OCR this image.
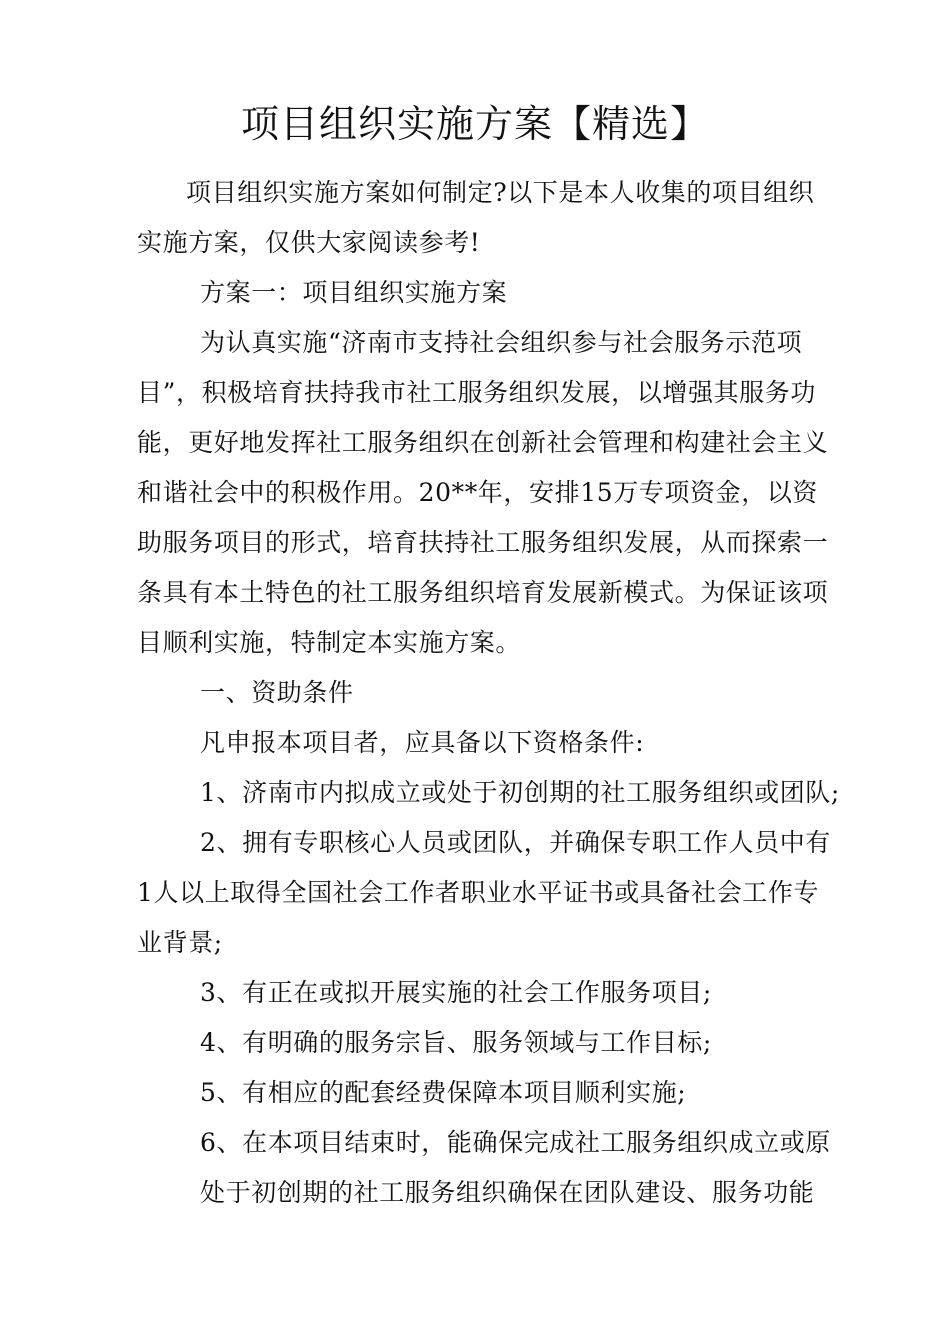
项目组织实施方案【精选】
项目组织实施方案如何制定?以下是本人收集的项目组织
实施方案，仅供大家阅读参考!
方案一：项目组织实施方案
为认真实施“济南市支持社会组织参与社会服务示范项
目”，积极培育扶持我市社工服务组织发展，以增强其服务功
能，更好地发挥社工服务组织在创新社会管理和构建社会主义
和谐社会中的积极作用。20**年，安排15万专项资金，以资
助服务项目的形式，培育扶持社工服务组织发展，从而探索一
条具有本土特色的社工服务组织培育发展新模式。为保证该项
目顺利实施，特制定本实施方案。
一、资助条件
凡申报本项目者，应具备以下资格条件:
1、济南市内拟成立或处于初创期的社工服务组织或团队;
2、拥有专职核心人员或团队，并确保专职工作人员中有
1人以上取得全国社会工作者职业水平证书或具备社会工作专
业背景;
3、有正在或拟开展实施的社会工作服务项目;
4、有明确的服务宗旨、服务领域与工作目标;
5、有相应的配套经费保障本项目顺利实施;
6、在本项目结束时，能确保完成社工服务组织成立或原
处于初创期的社工服务组织确保在团队建设、服务功能
